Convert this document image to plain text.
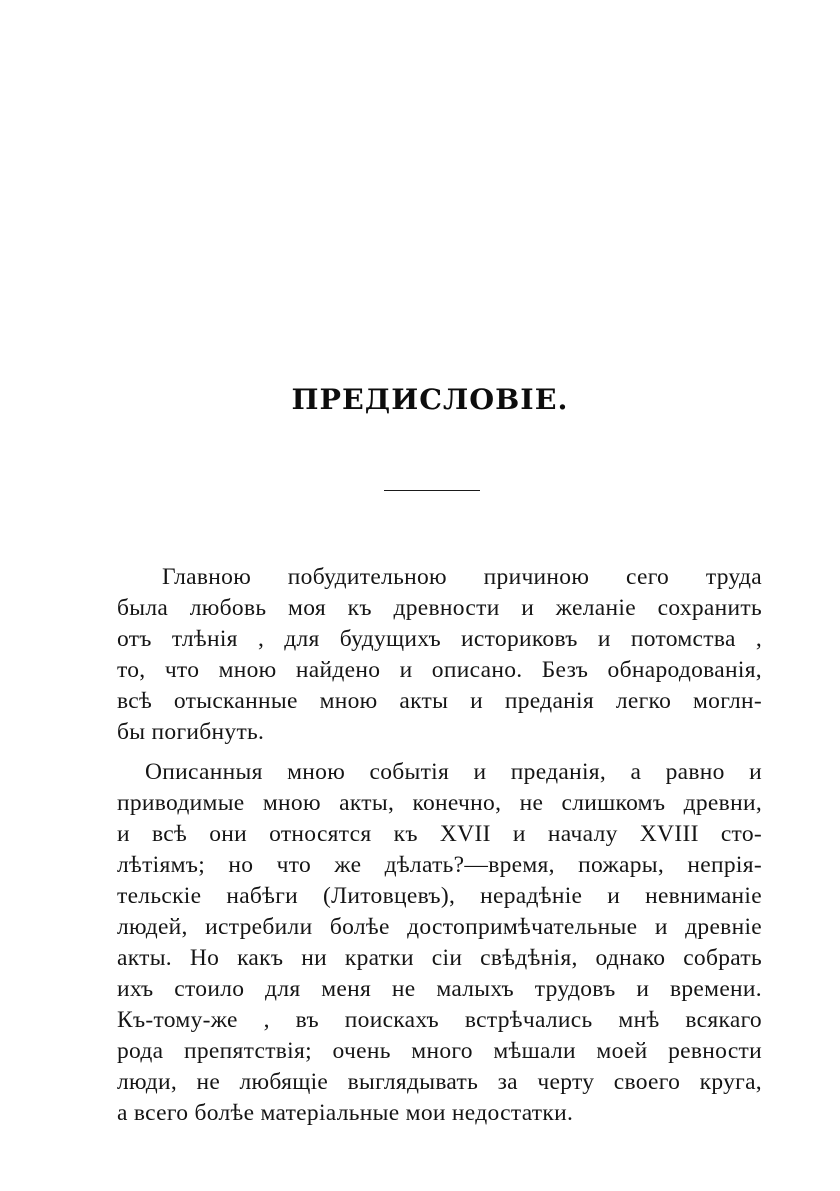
ПРЕДИСЛОВІЕ.
Главною побудительною причиною сего труда
была любовь моя къ древности и желаніе сохранить
отъ тлѣнія , для будущихъ историковъ и потомства ,
то, что мною найдено и описано. Безъ обнародованія,
всѣ отысканные мною акты и преданія легко моглн-
бы погибнуть.
Описанныя мною событія и преданія, а равно и
приводимые мною акты, конечно, не слишкомъ древни,
и всѣ они относятся къ XVII и началу XVIII сто-
лѣтіямъ; но что же дѣлать?—время, пожары, непрія-
тельскіе набѣги (Литовцевъ), нерадѣніе и невниманіе
людей, истребили болѣе достопримѣчательные и древніе
акты. Но какъ ни кратки сіи свѣдѣнія, однако собрать
ихъ стоило для меня не малыхъ трудовъ и времени.
Къ-тому-же , въ поискахъ встрѣчались мнѣ всякаго
рода препятствія; очень много мѣшали моей ревности
люди, не любящіе выглядывать за черту своего круга,
а всего болѣе матеріальные мои недостатки.
